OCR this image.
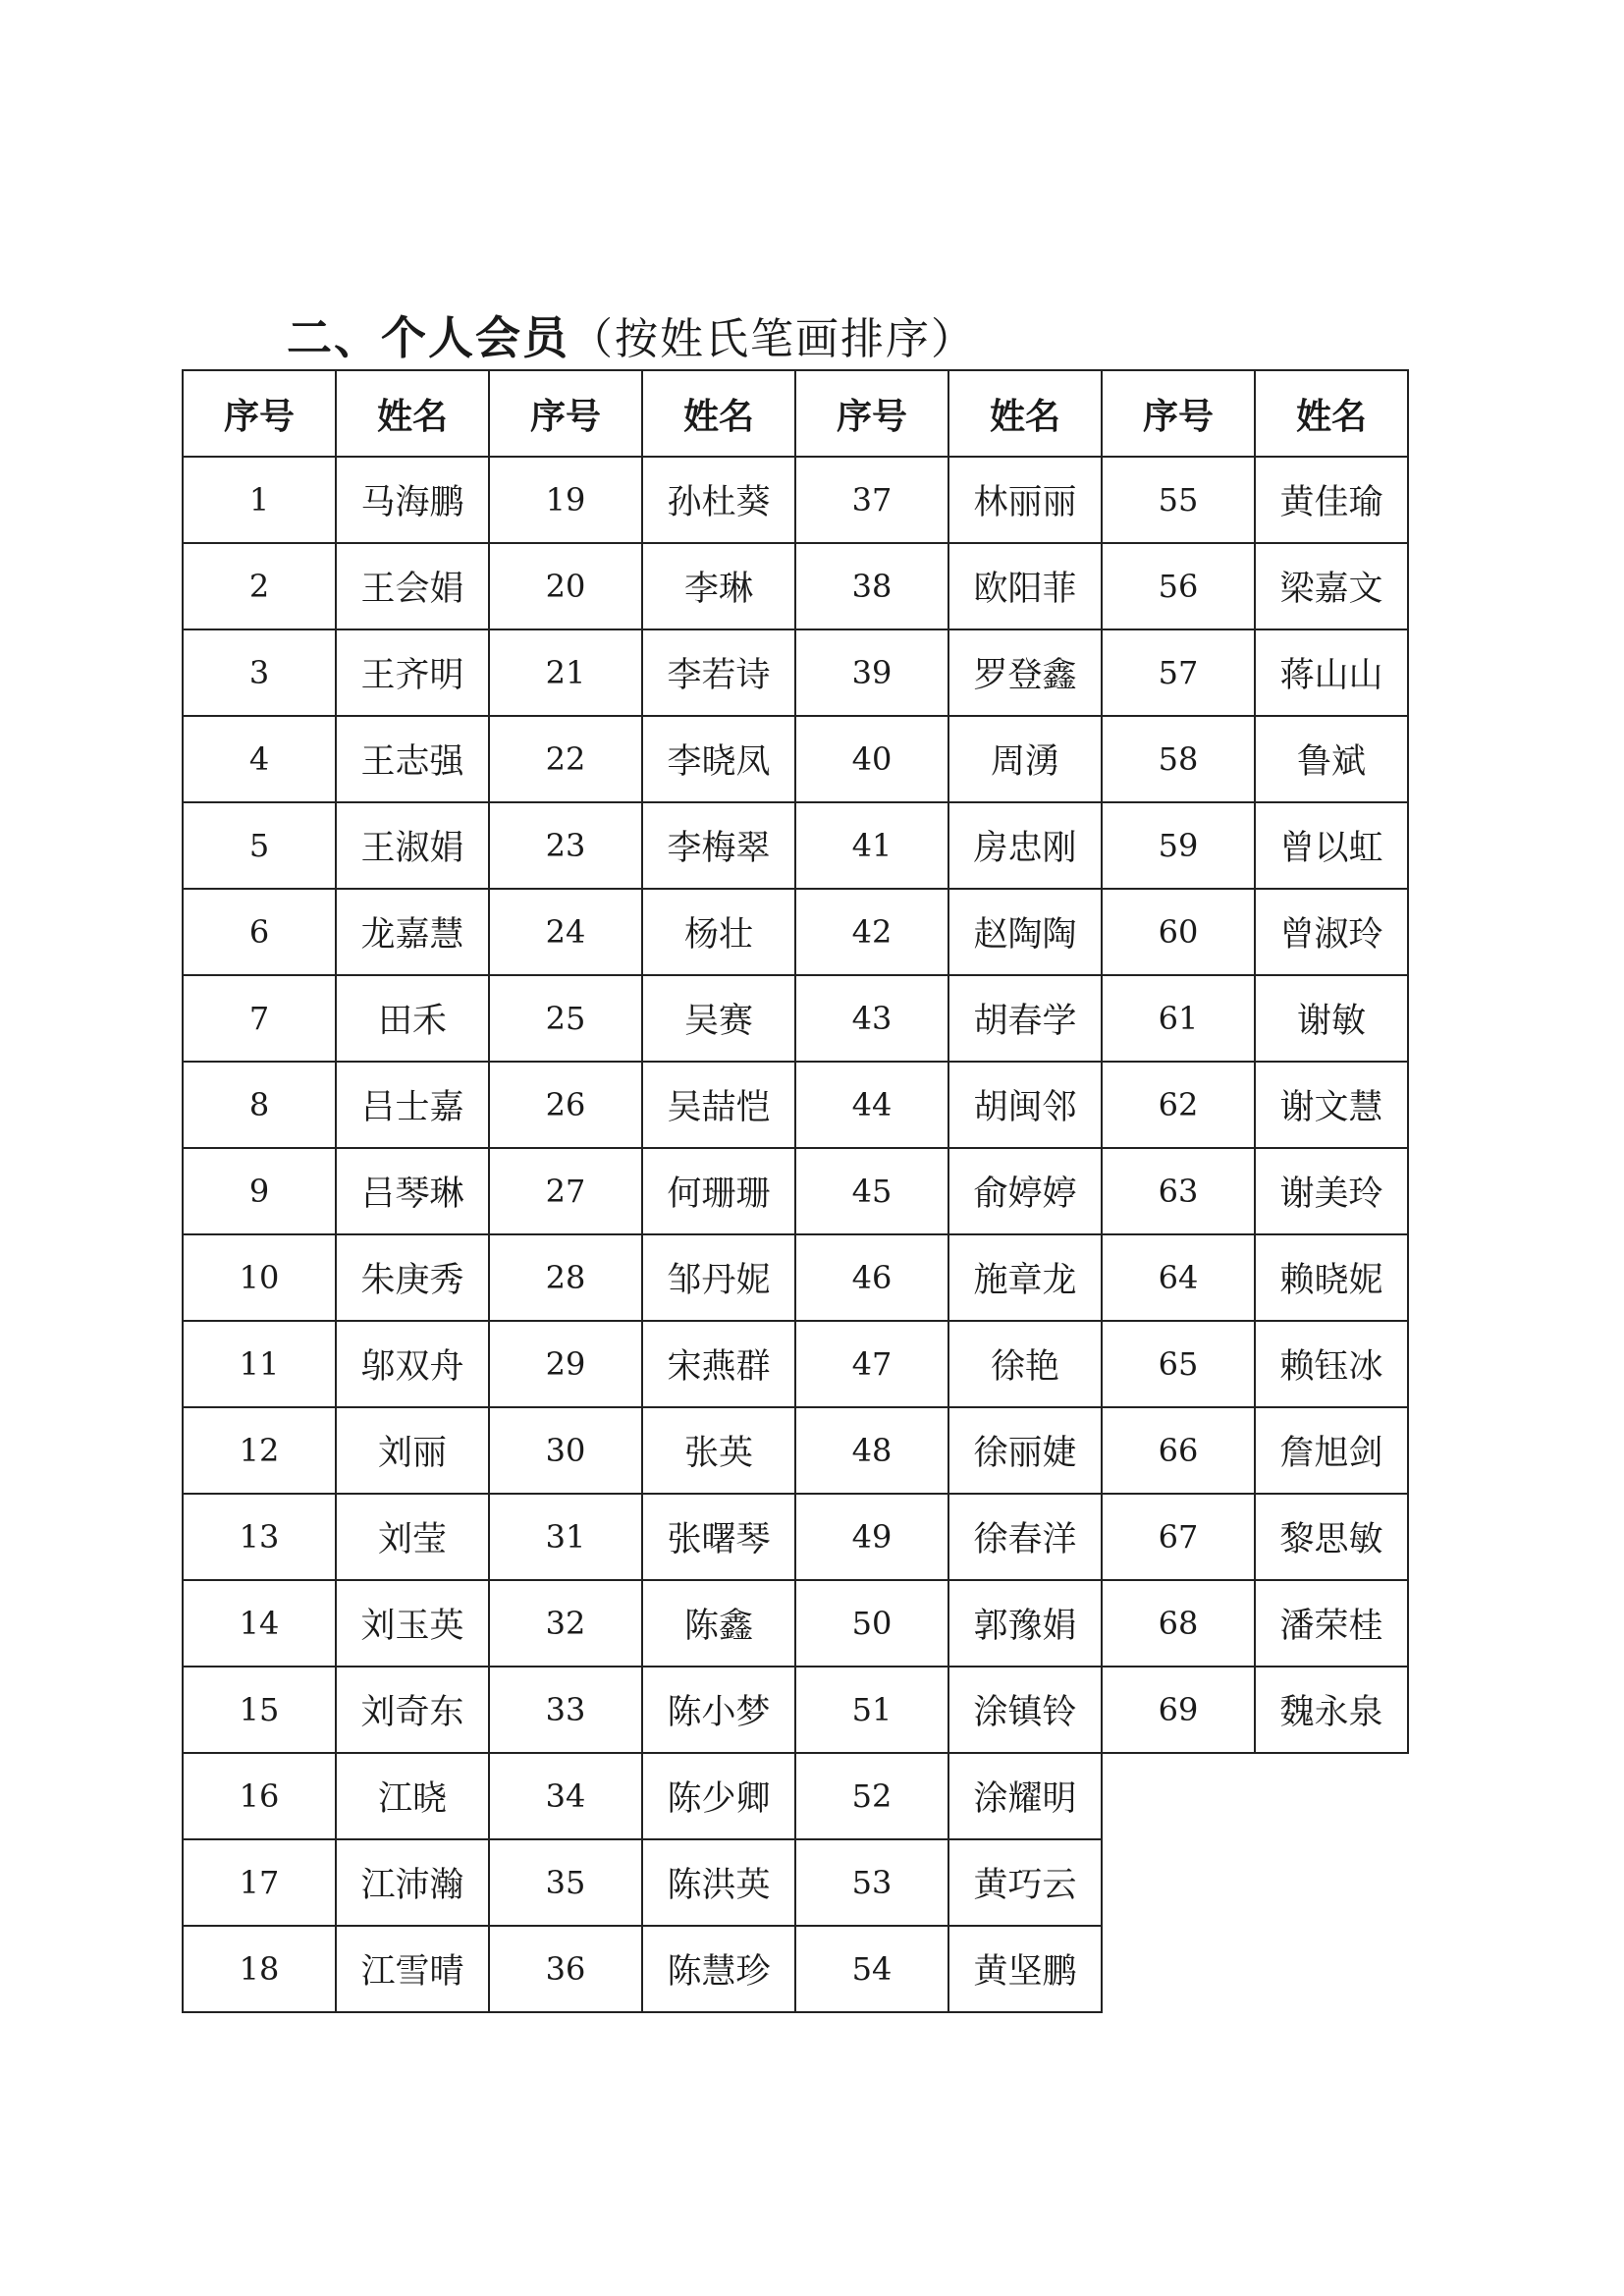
二、个人会员（按姓氏笔画排序）
序号	姓名	序号	姓名	序号	姓名	序号	姓名
1	马海鹏	19	孙杜葵	37	林丽丽	55	黄佳瑜
2	王会娟	20	李琳	38	欧阳菲	56	梁嘉文
3	王齐明	21	李若诗	39	罗登鑫	57	蒋山山
4	王志强	22	李晓凤	40	周湧	58	鲁斌
5	王淑娟	23	李梅翠	41	房忠刚	59	曾以虹
6	龙嘉慧	24	杨壮	42	赵陶陶	60	曾淑玲
7	田禾	25	吴赛	43	胡春学	61	谢敏
8	吕士嘉	26	吴喆恺	44	胡闽邻	62	谢文慧
9	吕琴琳	27	何珊珊	45	俞婷婷	63	谢美玲
10	朱庚秀	28	邹丹妮	46	施章龙	64	赖晓妮
11	邬双舟	29	宋燕群	47	徐艳	65	赖钰冰
12	刘丽	30	张英	48	徐丽婕	66	詹旭剑
13	刘莹	31	张曙琴	49	徐春洋	67	黎思敏
14	刘玉英	32	陈鑫	50	郭豫娟	68	潘荣桂
15	刘奇东	33	陈小梦	51	涂镇铃	69	魏永泉
16	江晓	34	陈少卿	52	涂耀明		
17	江沛瀚	35	陈洪英	53	黄巧云		
18	江雪晴	36	陈慧珍	54	黄坚鹏		
